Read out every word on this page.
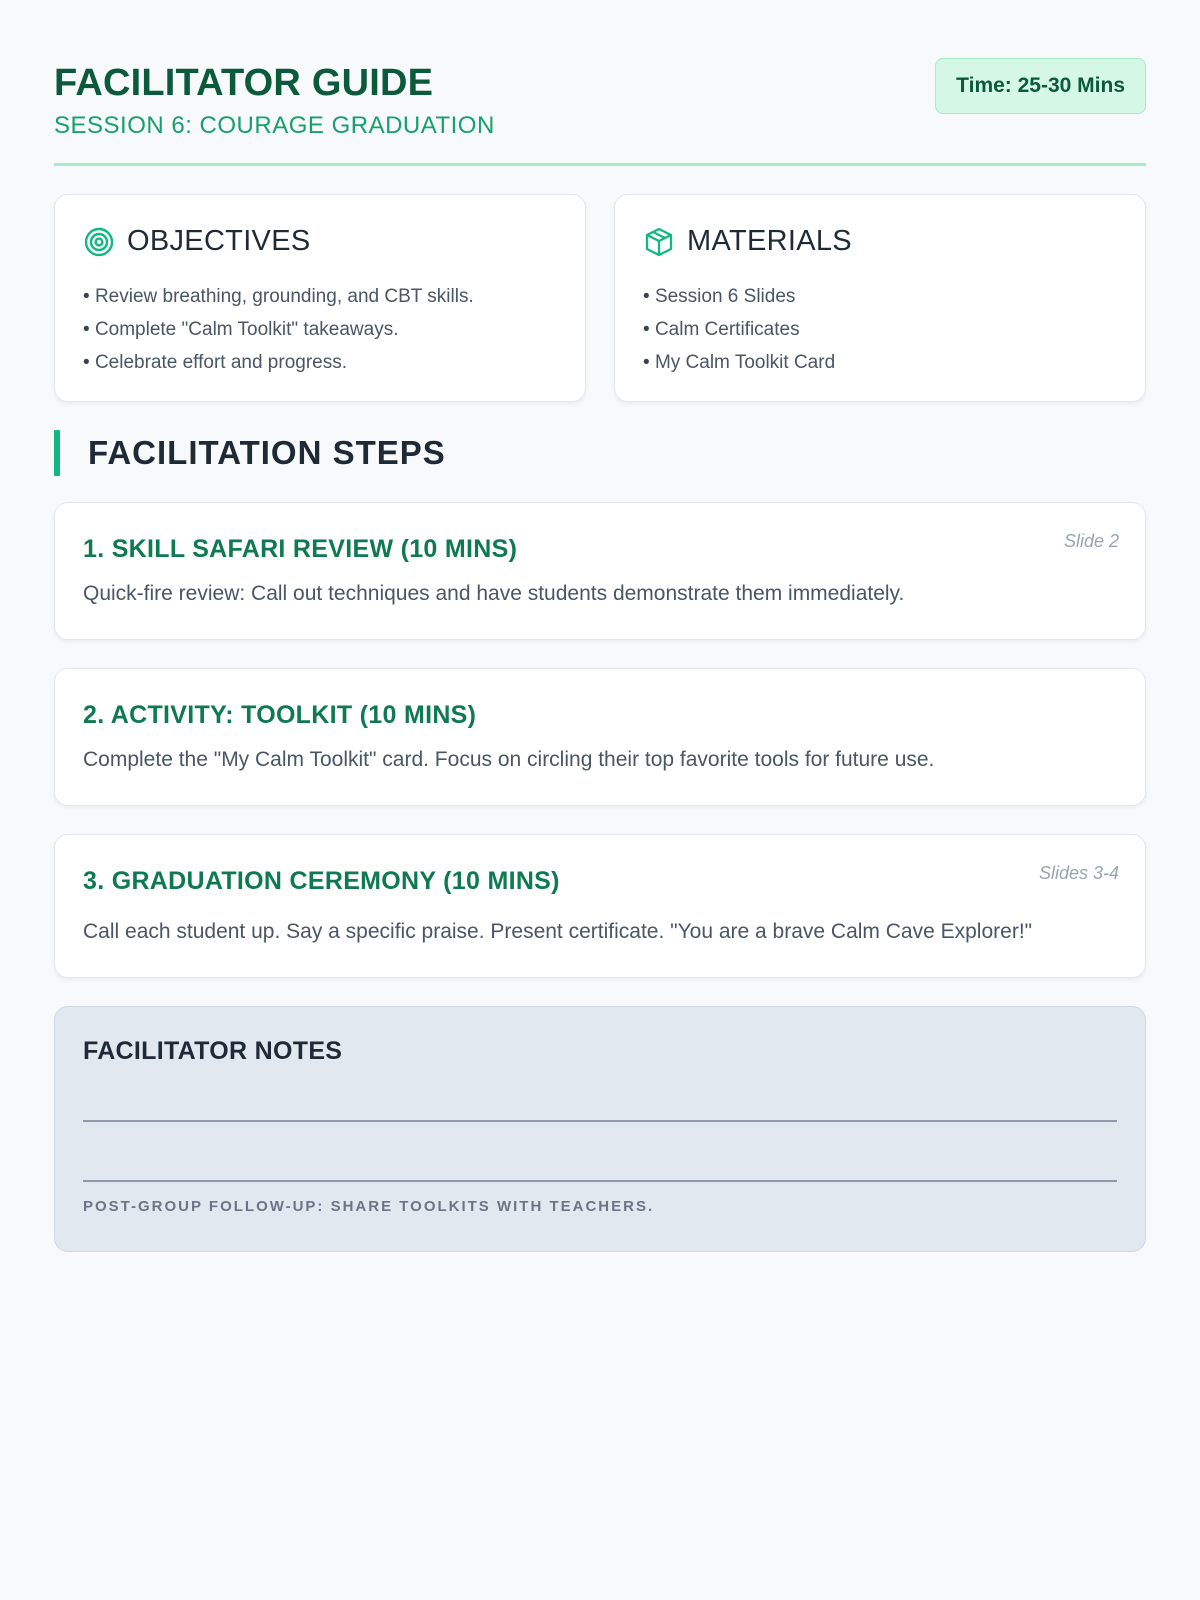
FACILITATOR GUIDE
SESSION 6: COURAGE GRADUATION
Time: 25-30 Mins
OBJECTIVES
• Review breathing, grounding, and CBT skills.
• Complete "Calm Toolkit" takeaways.
• Celebrate effort and progress.
MATERIALS
• Session 6 Slides
• Calm Certificates
• My Calm Toolkit Card
FACILITATION STEPS
1. SKILL SAFARI REVIEW (10 MINS)	Slide 2
Quick-fire review: Call out techniques and have students demonstrate them immediately.
2. ACTIVITY: TOOLKIT (10 MINS)
Complete the "My Calm Toolkit" card. Focus on circling their top favorite tools for future use.
3. GRADUATION CEREMONY (10 MINS)	Slides 3-4
Call each student up. Say a specific praise. Present certificate. "You are a brave Calm Cave Explorer!"
FACILITATOR NOTES
POST-GROUP FOLLOW-UP: SHARE TOOLKITS WITH TEACHERS.
